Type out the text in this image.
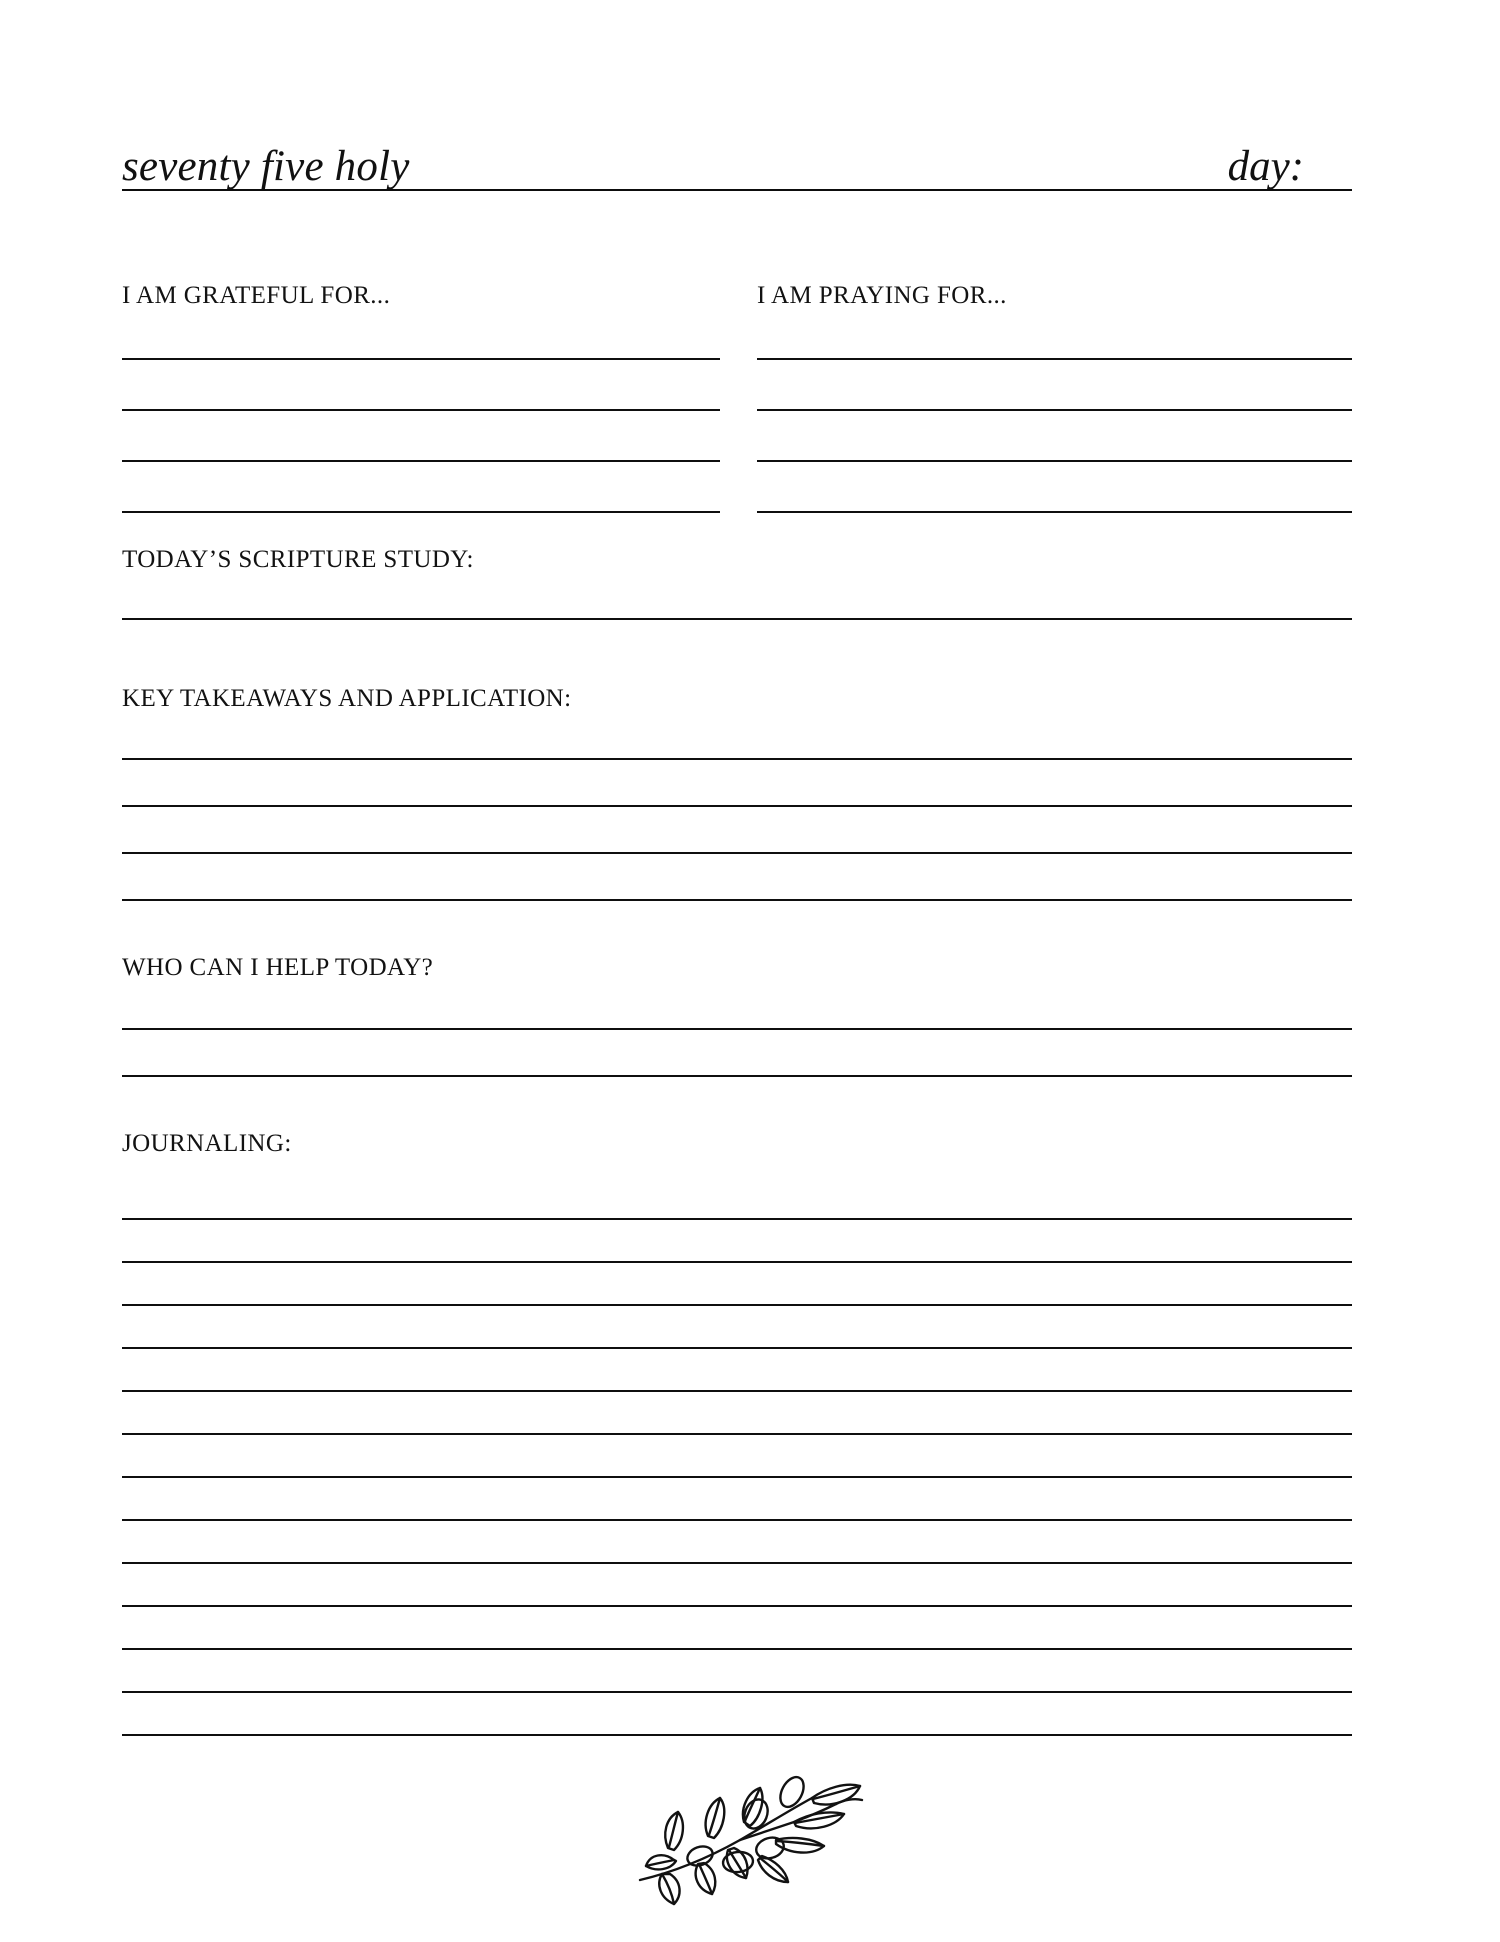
seventy five holy	day:
I AM GRATEFUL FOR...	I AM PRAYING FOR...
TODAY’S SCRIPTURE STUDY:
KEY TAKEAWAYS AND APPLICATION:
WHO CAN I HELP TODAY?
JOURNALING:
